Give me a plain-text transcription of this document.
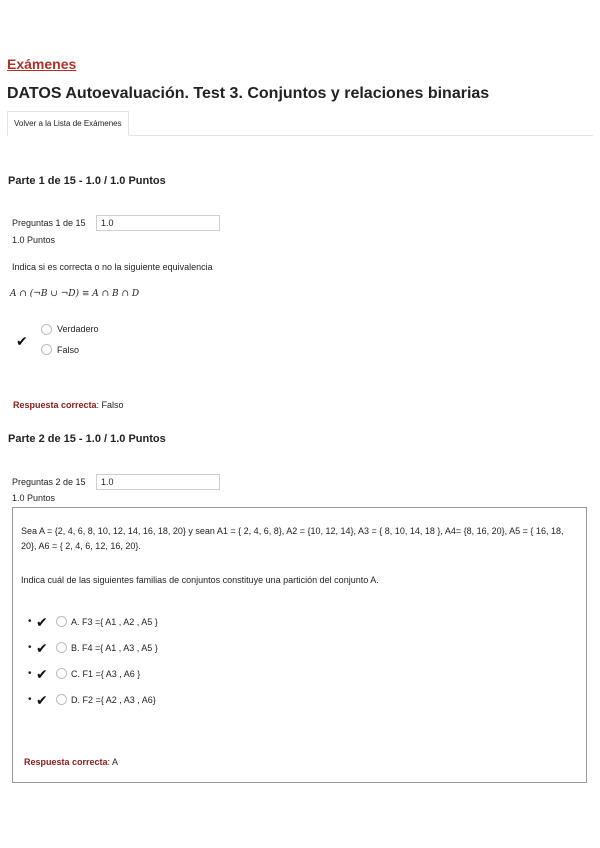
Exámenes
DATOS Autoevaluación. Test 3. Conjuntos y relaciones binarias
Volver a la Lista de Exámenes
Parte 1 de 15 - 1.0 / 1.0 Puntos
Preguntas 1 de 15
1.0
1.0 Puntos
Indica si es correcta o no la siguiente equivalencia
A ∩ (¬B ∪ ¬D) ≡ A ∩ B ∩ D
✔
Verdadero
Falso
Respuesta correcta: Falso
Parte 2 de 15 - 1.0 / 1.0 Puntos
Preguntas 2 de 15
1.0
1.0 Puntos
Sea A = {2, 4, 6, 8, 10, 12, 14, 16, 18, 20} y sean A1 = { 2, 4, 6, 8}, A2 = {10, 12, 14}, A3 = { 8, 10, 14, 18 }, A4= {8, 16, 20}, A5 = { 16, 18, 20}, A6 = { 2, 4, 6, 12, 16, 20}.
Indica cuál de las siguientes familias de conjuntos constituye una partición del conjunto A.
• ✔	A. F3 ={ A1 , A2 , A5 }
• ✔	B. F4 ={ A1 , A3 , A5 }
• ✔	C. F1 ={ A3 , A6 }
• ✔	D. F2 ={ A2 , A3 , A6}
Respuesta correcta: A
